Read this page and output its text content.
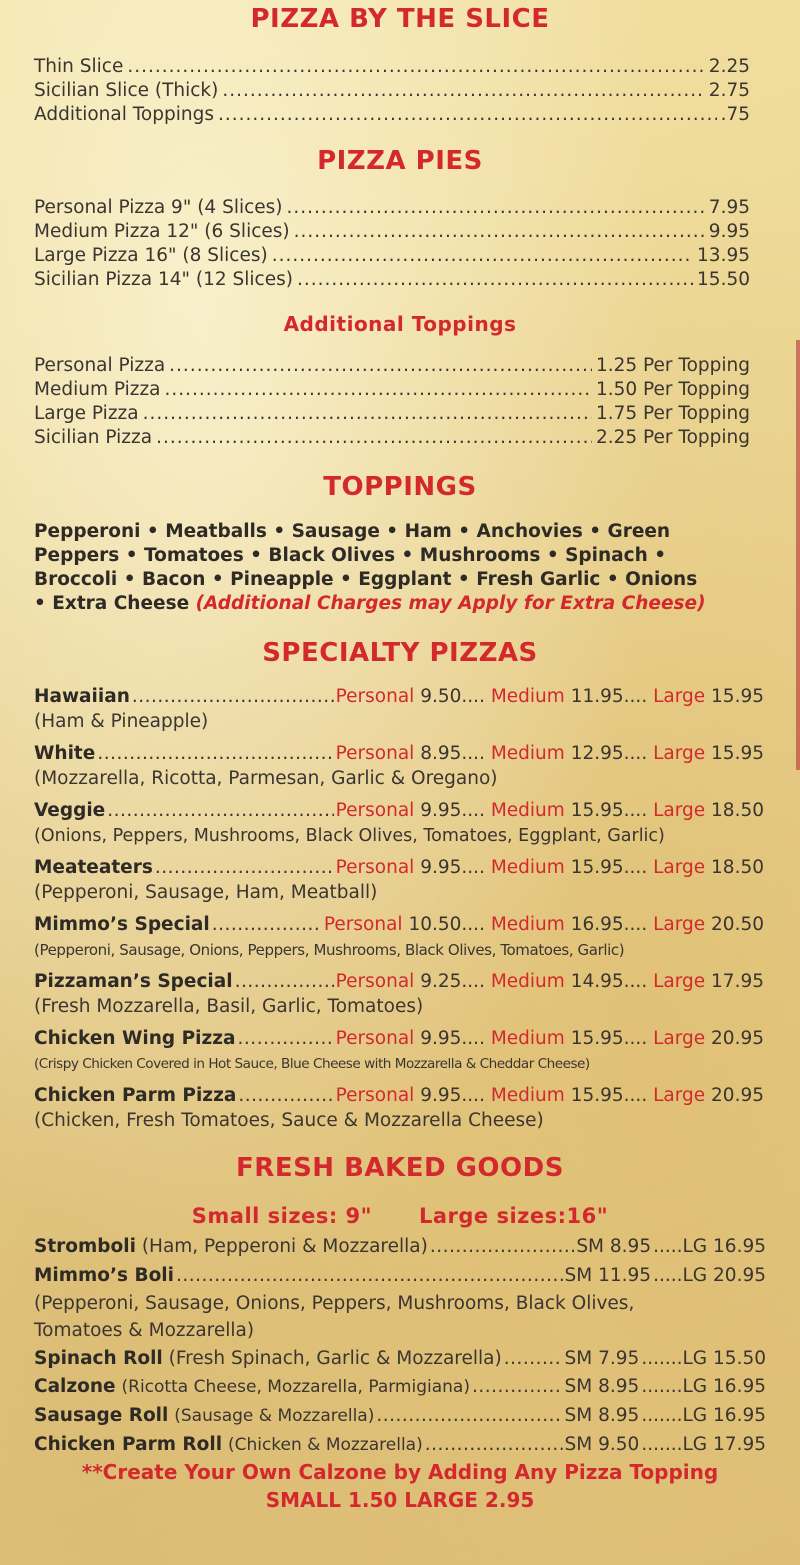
PIZZA BY THE SLICE
Thin Slice .....	2.25
Sicilian Slice (Thick) .....	2.75
Additional Toppings .....	.75
PIZZA PIES
Personal Pizza 9" (4 Slices) .....	7.95
Medium Pizza 12" (6 Slices) .....	9.95
Large Pizza 16" (8 Slices) .....	13.95
Sicilian Pizza 14" (12 Slices) .....	15.50
Additional Toppings
Personal Pizza .....	1.25 Per Topping
Medium Pizza .....	1.50 Per Topping
Large Pizza .....	1.75 Per Topping
Sicilian Pizza .....	2.25 Per Topping
TOPPINGS
Pepperoni • Meatballs • Sausage • Ham • Anchovies • Green
Peppers • Tomatoes • Black Olives • Mushrooms • Spinach •
Broccoli • Bacon • Pineapple • Eggplant • Fresh Garlic • Onions
• Extra Cheese (Additional Charges may Apply for Extra Cheese)
SPECIALTY PIZZAS
Hawaiian .....	Personal 9.50.... Medium 11.95.... Large 15.95
(Ham & Pineapple)
White .....	Personal 8.95.... Medium 12.95.... Large 15.95
(Mozzarella, Ricotta, Parmesan, Garlic & Oregano)
Veggie .....	Personal 9.95.... Medium 15.95.... Large 18.50
(Onions, Peppers, Mushrooms, Black Olives, Tomatoes, Eggplant, Garlic)
Meateaters .....	Personal 9.95.... Medium 15.95.... Large 18.50
(Pepperoni, Sausage, Ham, Meatball)
Mimmo’s Special .....	Personal 10.50.... Medium 16.95.... Large 20.50
(Pepperoni, Sausage, Onions, Peppers, Mushrooms, Black Olives, Tomatoes, Garlic)
Pizzaman’s Special .....	Personal 9.25.... Medium 14.95.... Large 17.95
(Fresh Mozzarella, Basil, Garlic, Tomatoes)
Chicken Wing Pizza .....	Personal 9.95.... Medium 15.95.... Large 20.95
(Crispy Chicken Covered in Hot Sauce, Blue Cheese with Mozzarella & Cheddar Cheese)
Chicken Parm Pizza .....	Personal 9.95.... Medium 15.95.... Large 20.95
(Chicken, Fresh Tomatoes, Sauce & Mozzarella Cheese)
FRESH BAKED GOODS
Small sizes: 9" Large sizes:16"
Stromboli
(Ham, Pepperoni & Mozzarella) .....	SM 8.95 ..... LG 16.95
Mimmo’s Boli .....	SM 11.95 ..... LG 20.95
(Pepperoni, Sausage, Onions, Peppers, Mushrooms, Black Olives,
Tomatoes & Mozzarella)
Spinach Roll
(Fresh Spinach, Garlic & Mozzarella) .....	SM 7.95 ....... LG 15.50
Calzone
(Ricotta Cheese, Mozzarella, Parmigiana) .....	SM 8.95 ....... LG 16.95
Sausage Roll
(Sausage & Mozzarella) .....	SM 8.95 ....... LG 16.95
Chicken Parm Roll
(Chicken & Mozzarella) .....	SM 9.50 ....... LG 17.95
**Create Your Own Calzone by Adding Any Pizza Topping
SMALL 1.50 LARGE 2.95
